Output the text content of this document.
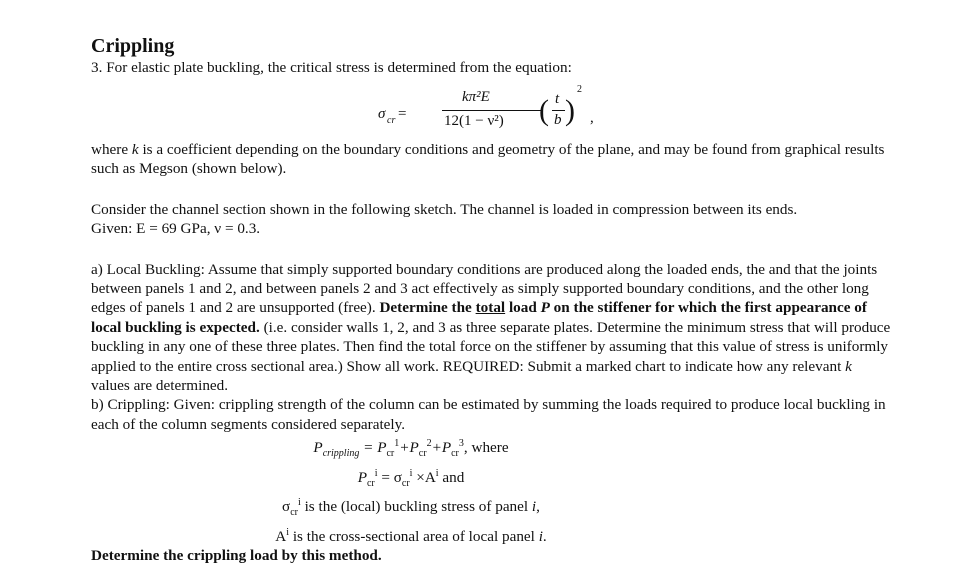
Crippling

3. For elastic plate buckling, the critical stress is determined from the equation:

σ cr =
kπ²E
12(1 − ν²) ( t
b )
2
,

where k is a coefficient depending on the boundary conditions and geometry of the plane, and may be found from graphical results such as Megson (shown below).

Consider the channel section shown in the following sketch. The channel is loaded in compression between its ends.

Given: E = 69 GPa, ν = 0.3.

a) Local Buckling: Assume that simply supported boundary conditions are produced along the loaded ends, the and that the joints between panels 1 and 2, and between panels 2 and 3 act effectively as simply supported boundary conditions, and the other long edges of panels 1 and 2 are unsupported (free). Determine the total load P on the stiffener for which the first appearance of local buckling is expected. (i.e. consider walls 1, 2, and 3 as three separate plates. Determine the minimum stress that will produce buckling in any one of these three plates. Then find the total force on the stiffener by assuming that this value of stress is uniformly applied to the entire cross sectional area.) Show all work. REQUIRED: Submit a marked chart to indicate how any relevant k values are determined.

b) Crippling: Given: crippling strength of the column can be estimated by summing the loads required to produce local buckling in each of the column segments considered separately.

$P_{crippling} = P_{cr}^1+P_{cr}^2+P_{cr}^3$, where

$P_{cr}^i = \sigma_{cr}^i \times A^i$ and

$\sigma_{cr}^i$ is the (local) buckling stress of panel i,

$A^i$ is the cross-sectional area of local panel i.

Determine the crippling load by this method.
